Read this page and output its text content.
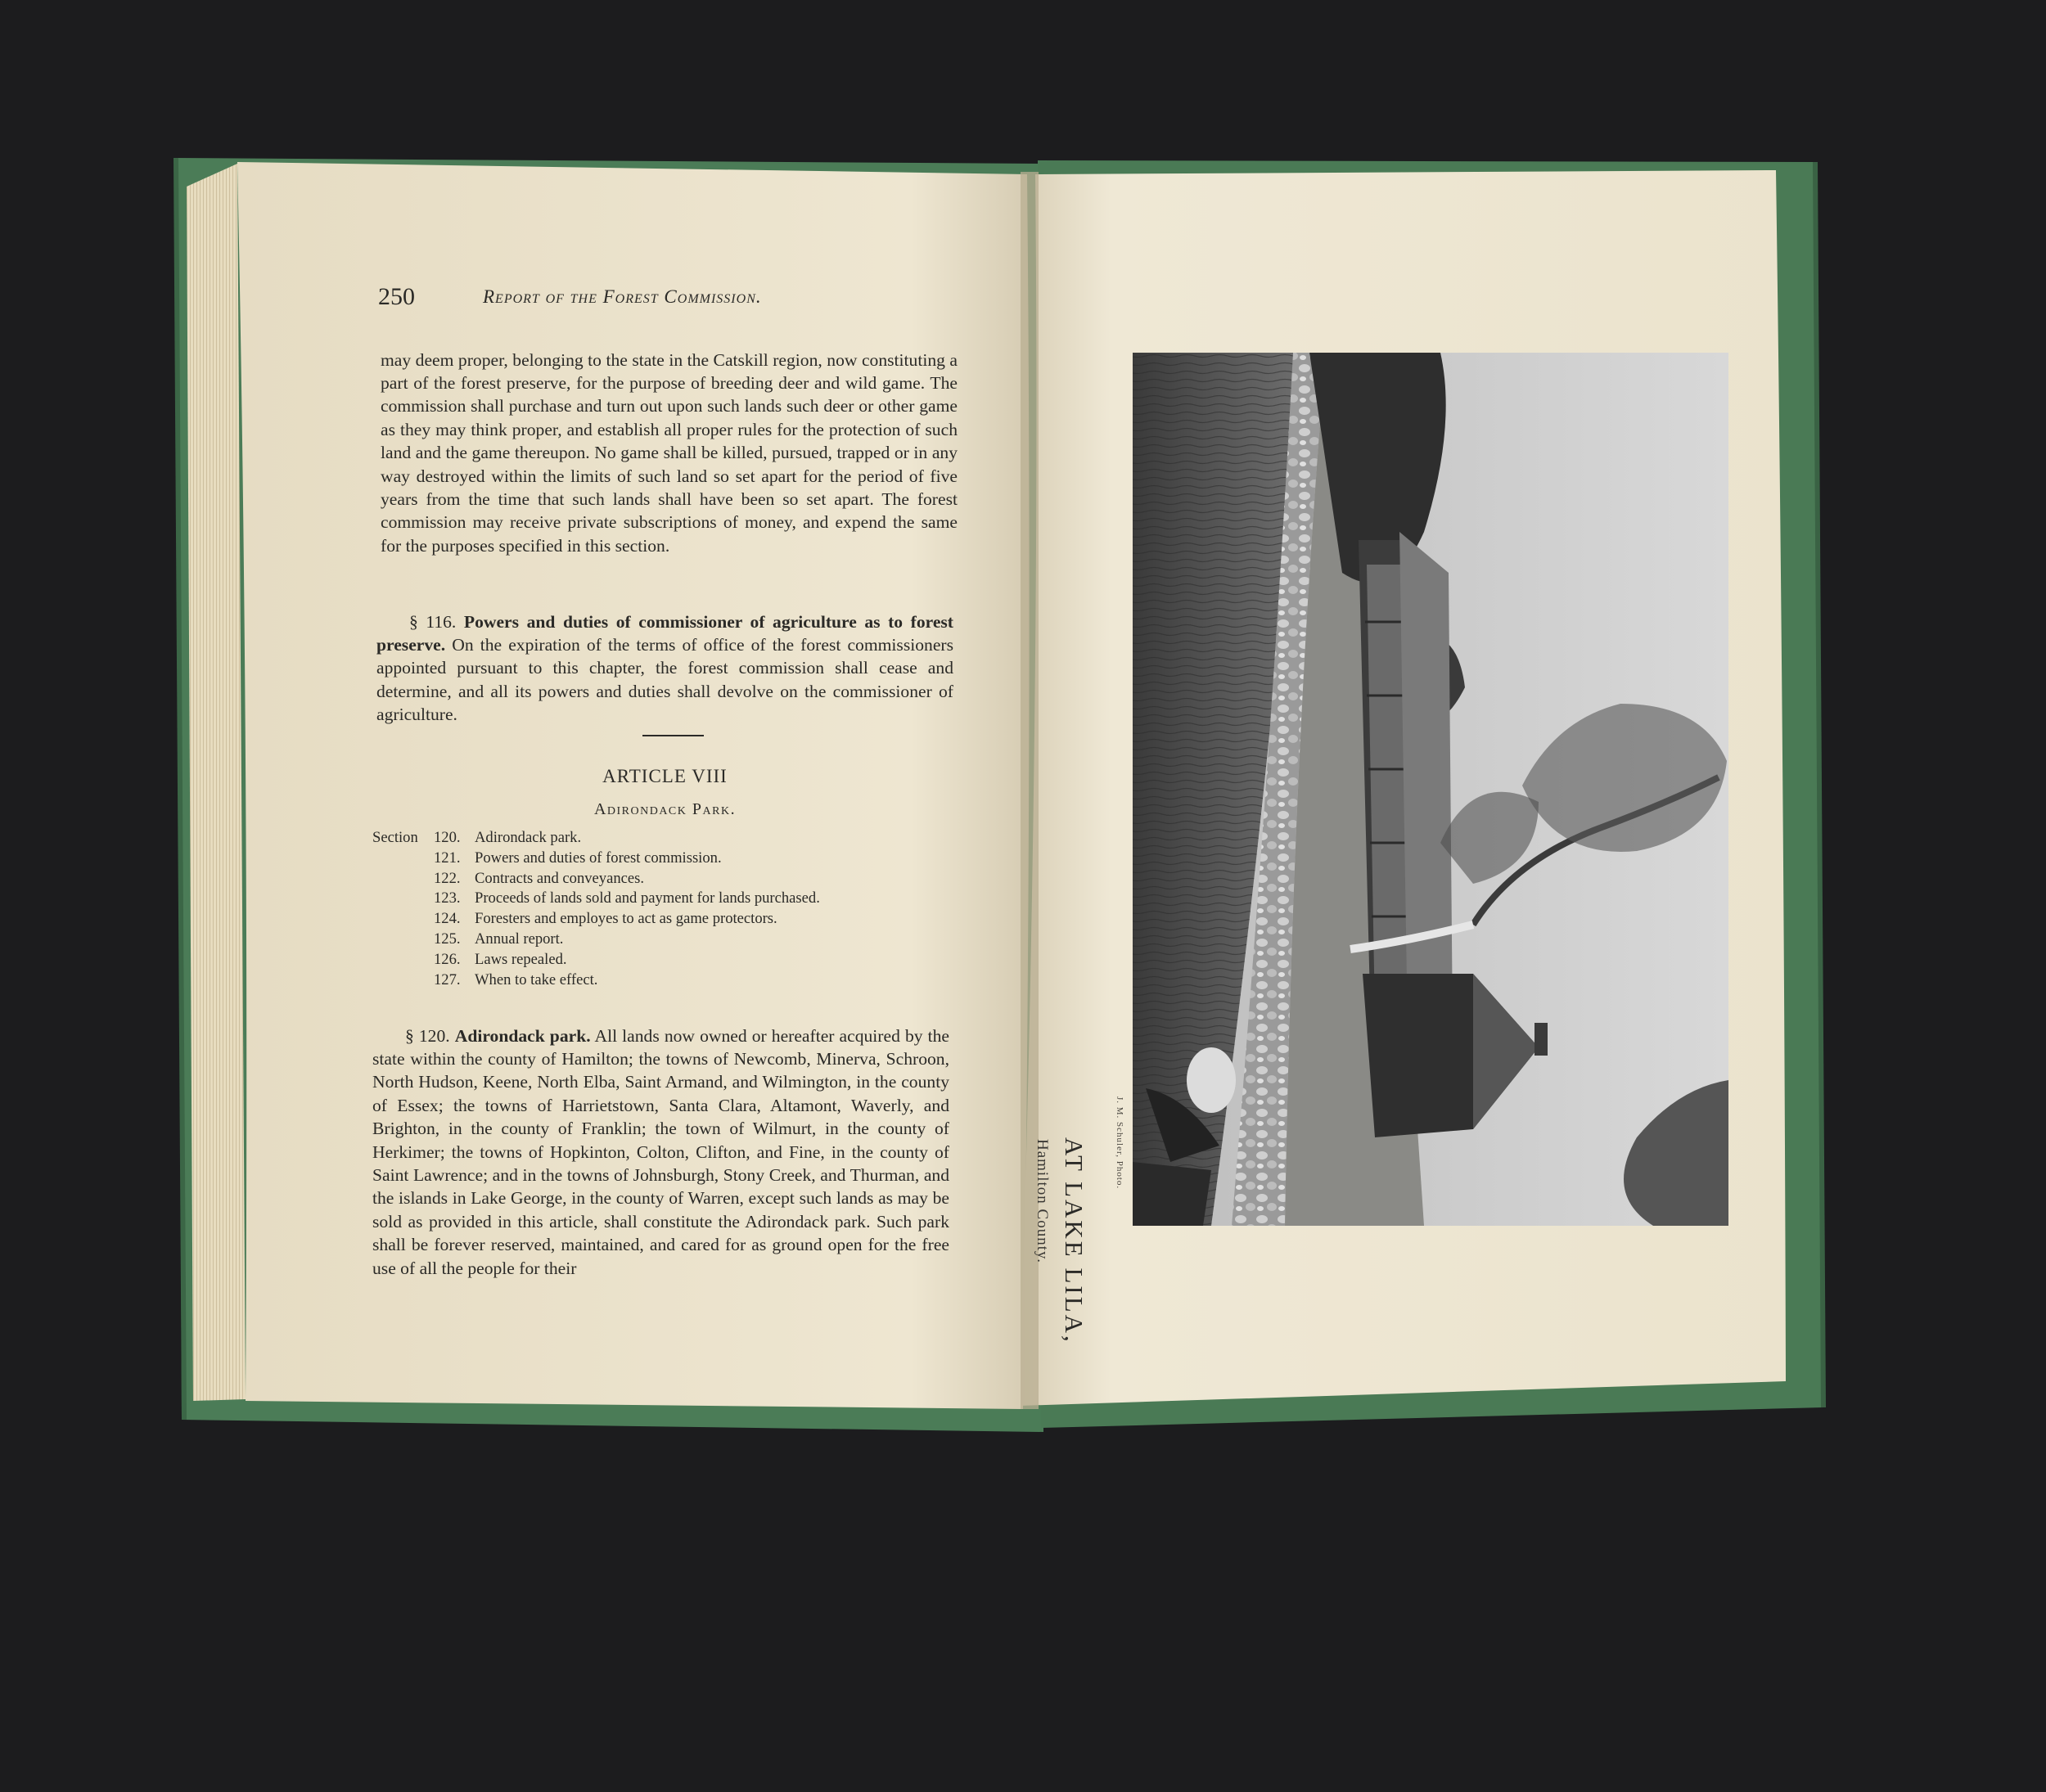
250	Report of the Forest Commission.

may deem proper, belonging to the state in the Catskill region, now constituting a part of the forest preserve, for the purpose of breeding deer and wild game. The commission shall purchase and turn out upon such lands such deer or other game as they may think proper, and establish all proper rules for the protection of such land and the game thereupon. No game shall be killed, pursued, trapped or in any way destroyed within the limits of such land so set apart for the period of five years from the time that such lands shall have been so set apart. The forest commission may receive private subscriptions of money, and expend the same for the purposes specified in this section.

§ 116. Powers and duties of commissioner of agriculture as to forest preserve. On the expiration of the terms of office of the forest commissioners appointed pursuant to this chapter, the forest commission shall cease and determine, and all its powers and duties shall devolve on the commissioner of agriculture.

ARTICLE VIII
Adirondack Park.
Section	120. Adirondack park.
121. Powers and duties of forest commission.
122. Contracts and conveyances.
123. Proceeds of lands sold and payment for lands purchased.
124. Foresters and employes to act as game protectors.
125. Annual report.
126. Laws repealed.
127. When to take effect.

§ 120. Adirondack park. All lands now owned or hereafter acquired by the state within the county of Hamilton; the towns of Newcomb, Minerva, Schroon, North Hudson, Keene, North Elba, Saint Armand, and Wilmington, in the county of Essex; the towns of Harrietstown, Santa Clara, Altamont, Waverly, and Brighton, in the county of Franklin; the town of Wilmurt, in the county of Herkimer; the towns of Hopkinton, Colton, Clifton, and Fine, in the county of Saint Lawrence; and in the towns of Johnsburgh, Stony Creek, and Thurman, and the islands in Lake George, in the county of Warren, except such lands as may be sold as provided in this article, shall constitute the Adirondack park. Such park shall be forever reserved, maintained, and cared for as ground open for the free use of all the people for their	AT LAKE LILA,
Hamilton County.	J. M. Schuler, Photo.
